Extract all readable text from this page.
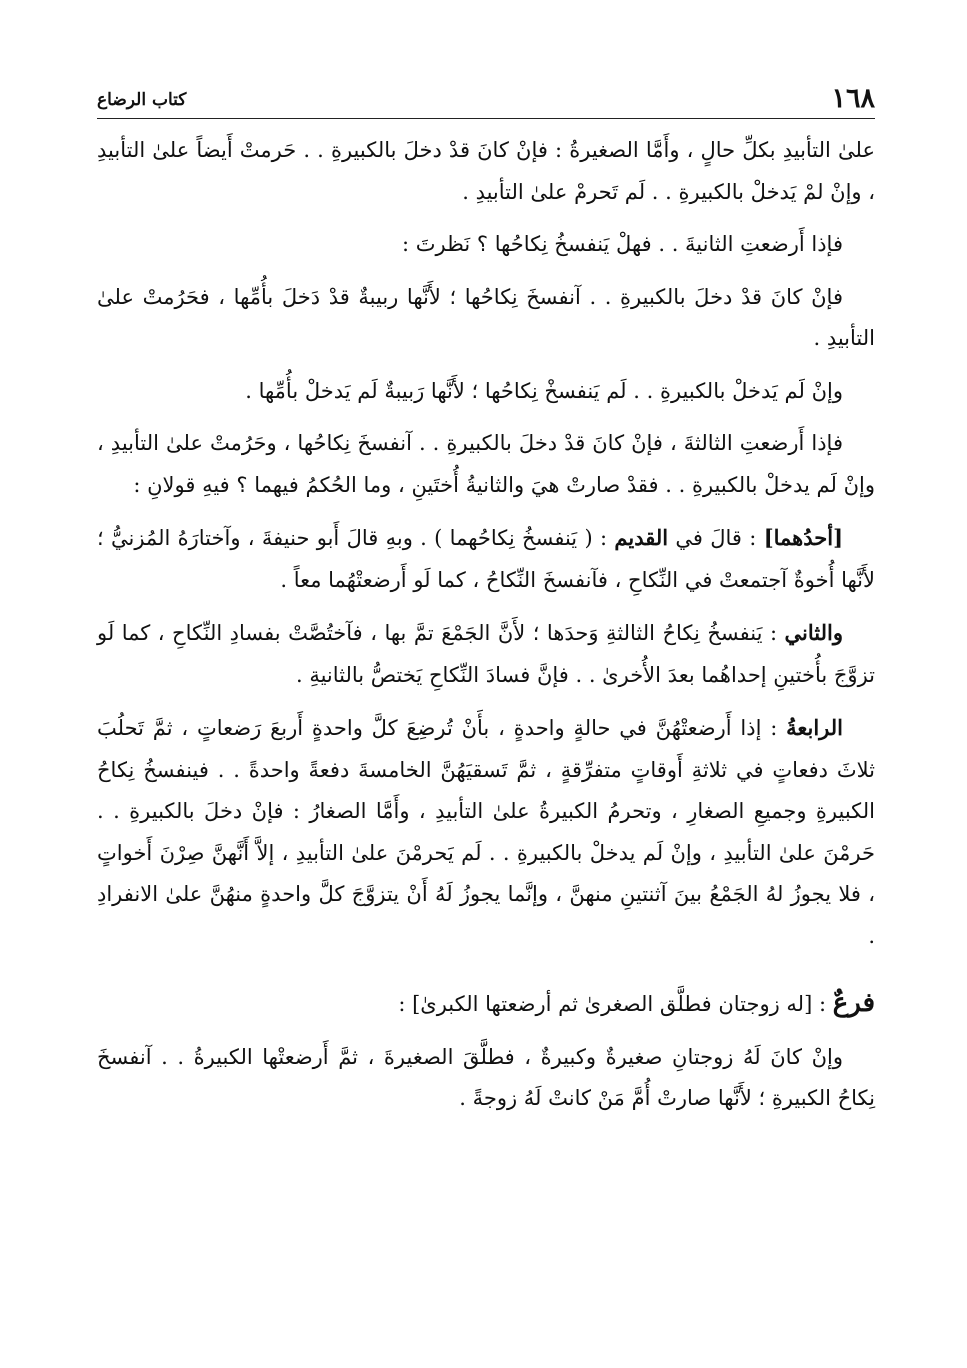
١٦٨
كتاب الرضاع

علىٰ التأبيدِ بكلِّ حالٍ ، وأَمَّا الصغيرةُ : فإنْ كانَ قدْ دخلَ بالكبيرةِ . . حَرمتْ أَيضاً علىٰ التأبيدِ ، وإنْ لمْ يَدخلْ بالكبيرةِ . . لَم تَحرمْ علىٰ التأبيدِ .

فإذا أَرضعتِ الثانيةَ . . فهلْ يَنفسخُ نِكاحُها ؟ نَظرتَ :

فإنْ كانَ قدْ دخلَ بالكبيرةِ . . آنفسخَ نِكاحُها ؛ لأَنَّها ربيبةٌ قدْ دَخلَ بأُمِّها ، فحَرُمتْ علىٰ التأبيدِ .

وإنْ لَم يَدخلْ بالكبيرةِ . . لَم يَنفسخْ نِكاحُها ؛ لأَنَّها رَبيبةٌ لَم يَدخلْ بأُمِّها .

فإذا أَرضعتِ الثالثةَ ، فإنْ كانَ قدْ دخلَ بالكبيرةِ . . آنفسخَ نِكاحُها ، وحَرُمتْ علىٰ التأبيدِ ، وإنْ لَم يدخلْ بالكبيرةِ . . فقدْ صارتْ هيَ والثانيةُ أُختَينِ ، وما الحُكمُ فيهما ؟ فيهِ قولانِ :

[أحدُهما] : قالَ في القديم : ( يَنفسخُ نِكاحُهما ) . وبهِ قالَ أَبو حنيفةَ ، وآختارَهُ المُزنيُّ ؛ لأَنَّها أُخوةٌ آجتمعتْ في النِّكاحِ ، فآنفسخَ النِّكاحُ ، كما لَو أَرضعتْهُما معاً .

والثاني : يَنفسخُ نِكاحُ الثالثةِ وَحدَها ؛ لأَنَّ الجَمْعَ تمَّ بها ، فآختُصَّتْ بفسادِ النِّكاحِ ، كما لَو تزوَّجَ بأُختينِ إحداهُما بعدَ الأُخرىٰ . . فإنَّ فسادَ النِّكاحِ يَختصُّ بالثانيةِ .

الرابعةُ : إذا أَرضعتْهُنَّ في حالةٍ واحدةٍ ، بأَنْ تُرضِعَ كلَّ واحدةٍ أَربعَ رَضعاتٍ ، ثمَّ تَحلُبَ ثلاثَ دفعاتٍ في ثلاثةِ أَوقاتٍ متفرِّقةٍ ، ثمَّ تَسقيَهُنَّ الخامسةَ دفعةً واحدةً . . فينفسخُ نِكاحُ الكبيرةِ وجميعِ الصغارِ ، وتحرمُ الكبيرةُ علىٰ التأبيدِ ، وأَمَّا الصغارُ : فإنْ دخلَ بالكبيرةِ . . حَرمْنَ علىٰ التأبيدِ ، وإنْ لَم يدخلْ بالكبيرةِ . . لَم يَحرمْنَ علىٰ التأبيدِ ، إلاَّ أَنَّهنَّ صِرْنَ أَخواتٍ ، فلا يجوزُ لهُ الجَمْعُ بينَ آثنتينِ منهنَّ ، وإنَّما يجوزُ لَهُ أَنْ يتزوَّجَ كلَّ واحدةٍ منهُنَّ علىٰ الانفرادِ .

فرعٌ : [له زوجتان فطلَّق الصغرىٰ ثم أرضعتها الكبرىٰ] :

وإنْ كانَ لَهُ زوجتانِ صغيرةٌ وكبيرةٌ ، فطلَّقَ الصغيرةَ ، ثمَّ أَرضعتْها الكبيرةُ . . آنفسخَ نِكاحُ الكبيرةِ ؛ لأَنَّها صارتْ أُمَّ مَنْ كانتْ لَهُ زوجةً .
